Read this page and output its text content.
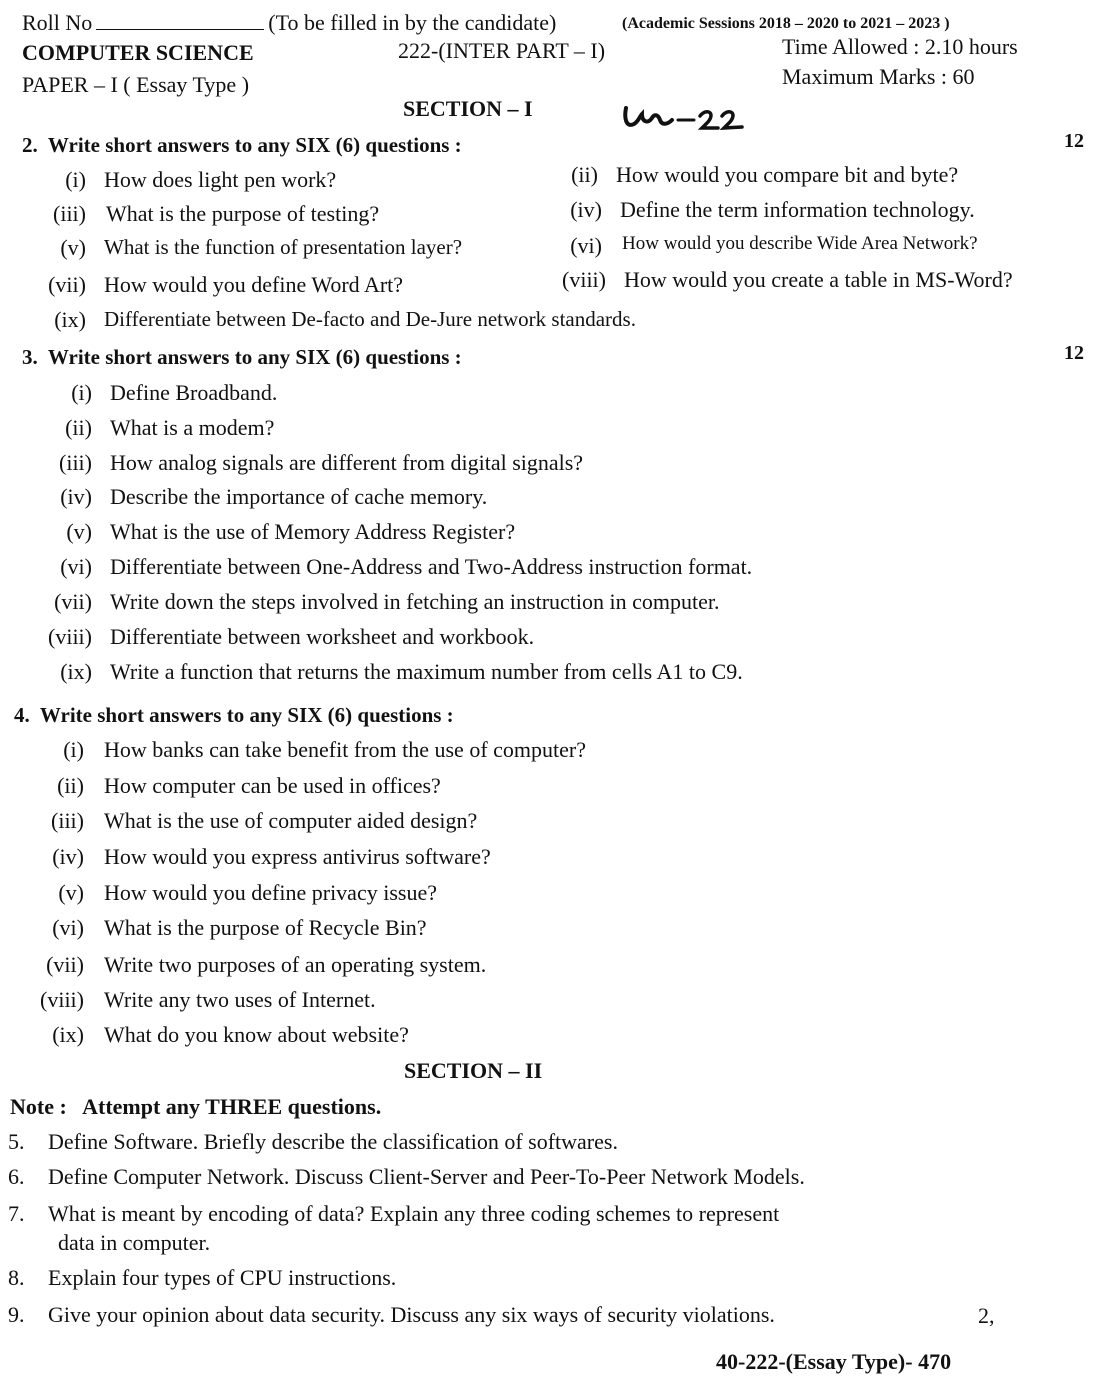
Roll No	(To be filled in by the candidate)	(Academic Sessions 2018 – 2020 to 2021 – 2023 )
COMPUTER SCIENCE	222-(INTER PART – I)	Time Allowed : 2.10 hours
PAPER – I ( Essay Type )	Maximum Marks : 60
SECTION – I
2. Write short answers to any SIX (6) questions :	12
(i) How does light pen work?	(ii) How would you compare bit and byte?
(iii) What is the purpose of testing?	(iv) Define the term information technology.
(v) What is the function of presentation layer?	(vi) How would you describe Wide Area Network?
(vii) How would you define Word Art?	(viii) How would you create a table in MS-Word?
(ix) Differentiate between De-facto and De-Jure network standards.
3. Write short answers to any SIX (6) questions :	12
(i) Define Broadband.
(ii) What is a modem?
(iii) How analog signals are different from digital signals?
(iv) Describe the importance of cache memory.
(v) What is the use of Memory Address Register?
(vi) Differentiate between One-Address and Two-Address instruction format.
(vii) Write down the steps involved in fetching an instruction in computer.
(viii) Differentiate between worksheet and workbook.
(ix) Write a function that returns the maximum number from cells A1 to C9.
4. Write short answers to any SIX (6) questions :
(i) How banks can take benefit from the use of computer?
(ii) How computer can be used in offices?
(iii) What is the use of computer aided design?
(iv) How would you express antivirus software?
(v) How would you define privacy issue?
(vi) What is the purpose of Recycle Bin?
(vii) Write two purposes of an operating system.
(viii) Write any two uses of Internet.
(ix) What do you know about website?
SECTION – II
Note : Attempt any THREE questions.
5. Define Software. Briefly describe the classification of softwares.
6. Define Computer Network. Discuss Client-Server and Peer-To-Peer Network Models.
7. What is meant by encoding of data? Explain any three coding schemes to represent
data in computer.
8. Explain four types of CPU instructions.
9. Give your opinion about data security. Discuss any six ways of security violations.	2,
40-222-(Essay Type)- 470
